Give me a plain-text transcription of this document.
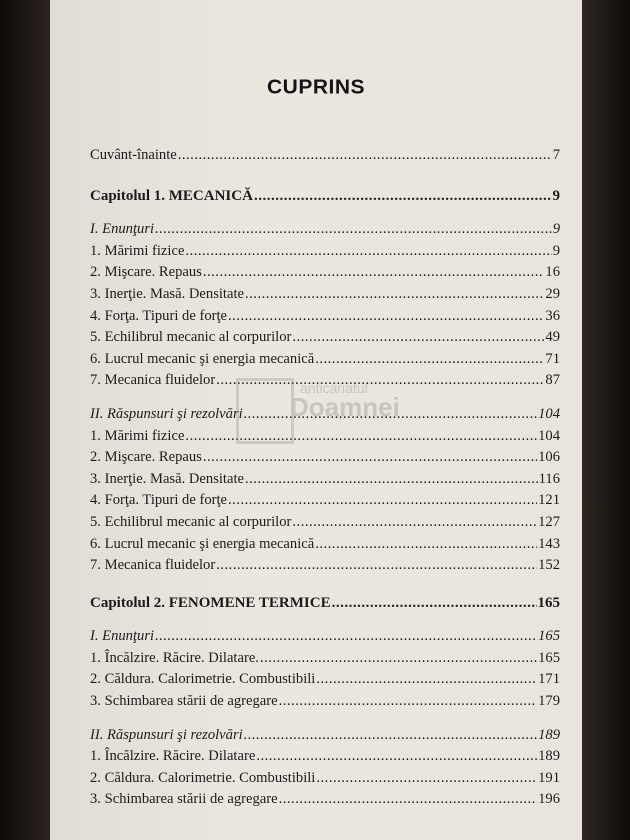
CUPRINS
Cuvânt-înainte .....	7
Capitolul 1. MECANICĂ .....	9
I. Enunţuri .....	9
1. Mărimi fizice .....	9
2. Mişcare. Repaus .....	16
3. Inerţie. Masă. Densitate .....	29
4. Forţa. Tipuri de forţe .....	36
5. Echilibrul mecanic al corpurilor .....	49
6. Lucrul mecanic şi energia mecanică .....	71
7. Mecanica fluidelor .....	87
II. Răspunsuri şi rezolvări .....	104
1. Mărimi fizice .....	104
2. Mişcare. Repaus .....	106
3. Inerţie. Masă. Densitate .....	116
4. Forţa. Tipuri de forţe .....	121
5. Echilibrul mecanic al corpurilor .....	127
6. Lucrul mecanic şi energia mecanică .....	143
7. Mecanica fluidelor .....	152
Capitolul 2. FENOMENE TERMICE .....	165
I. Enunţuri .....	165
1. Încălzire. Răcire. Dilatare. .....	165
2. Căldura. Calorimetrie. Combustibili .....	171
3. Schimbarea stării de agregare .....	179
II. Răspunsuri şi rezolvări .....	189
1. Încălzire. Răcire. Dilatare .....	189
2. Căldura. Calorimetrie. Combustibili .....	191
3. Schimbarea stării de agregare .....	196
anticariatul
Doamnei
